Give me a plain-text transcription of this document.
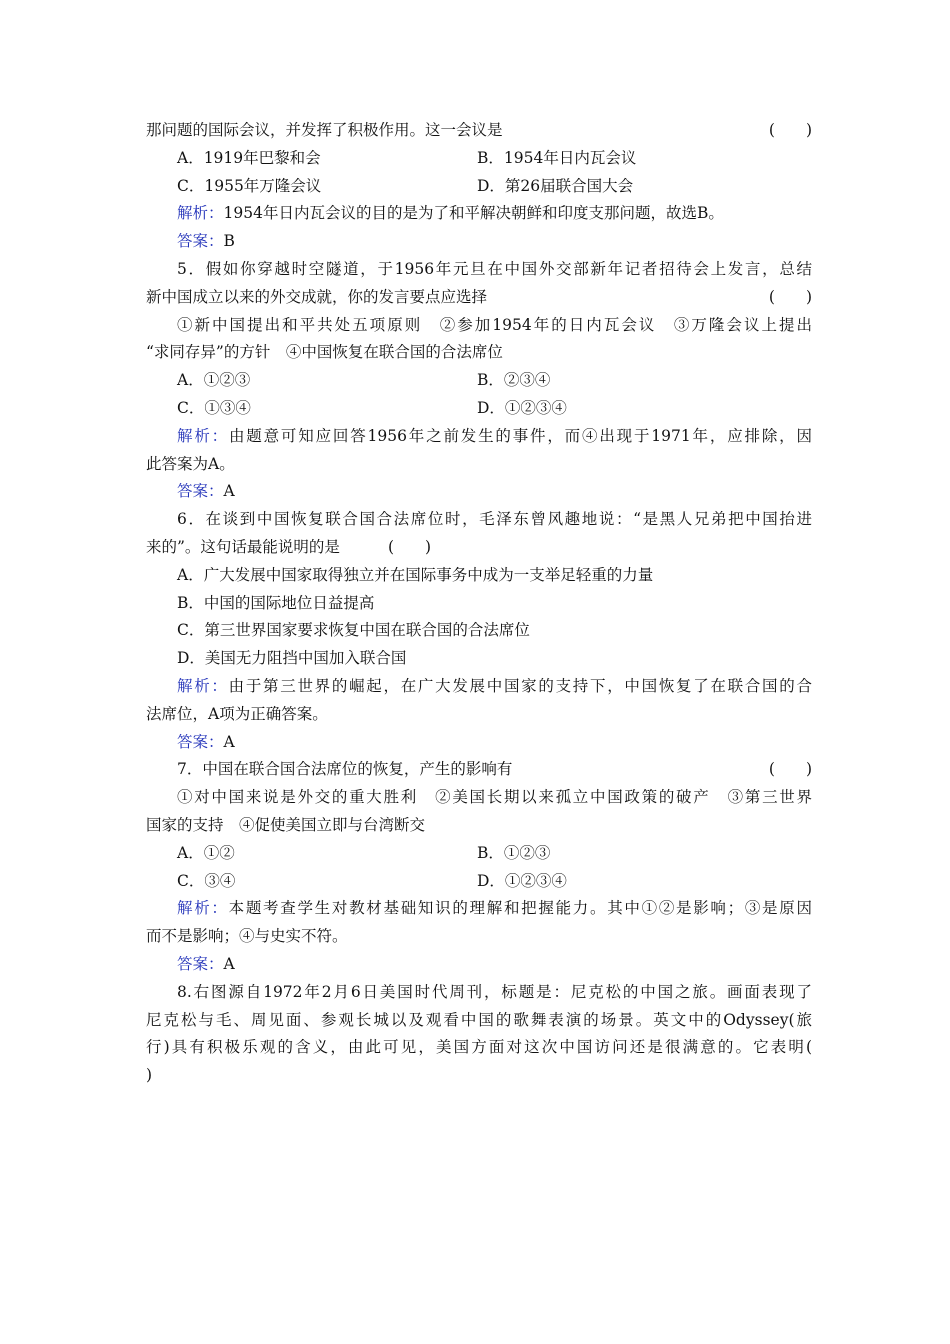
那问题的国际会议，并发挥了积极作用。这一会议是	(　　)
A．1919年巴黎和会	B．1954年日内瓦会议
C．1955年万隆会议	D．第26届联合国大会
解析：1954年日内瓦会议的目的是为了和平解决朝鲜和印度支那问题，故选B。
答案：B
5．假如你穿越时空隧道，于1956年元旦在中国外交部新年记者招待会上发言，总结
新中国成立以来的外交成就，你的发言要点应选择	(　　)
①新中国提出和平共处五项原则　②参加1954年的日内瓦会议　③万隆会议上提出
“求同存异”的方针　④中国恢复在联合国的合法席位
A．①②③	B．②③④
C．①③④	D．①②③④
解析：由题意可知应回答1956年之前发生的事件，而④出现于1971年，应排除，因
此答案为A。
答案：A
6．在谈到中国恢复联合国合法席位时，毛泽东曾风趣地说：“是黑人兄弟把中国抬进
来的”。这句话最能说明的是	(　　)
A．广大发展中国家取得独立并在国际事务中成为一支举足轻重的力量
B．中国的国际地位日益提高
C．第三世界国家要求恢复中国在联合国的合法席位
D．美国无力阻挡中国加入联合国
解析：由于第三世界的崛起，在广大发展中国家的支持下，中国恢复了在联合国的合
法席位，A项为正确答案。
答案：A
7．中国在联合国合法席位的恢复，产生的影响有	(　　)
①对中国来说是外交的重大胜利　②美国长期以来孤立中国政策的破产　③第三世界
国家的支持　④促使美国立即与台湾断交
A．①②	B．①②③
C．③④	D．①②③④
解析：本题考查学生对教材基础知识的理解和把握能力。其中①②是影响；③是原因
而不是影响；④与史实不符。
答案：A
8.右图源自1972年2月6日美国时代周刊，标题是：尼克松的中国之旅。画面表现了
尼克松与毛、周见面、参观长城以及观看中国的歌舞表演的场景。英文中的Odyssey(旅
行)具有积极乐观的含义，由此可见，美国方面对这次中国访问还是很满意的。它表明(
)
